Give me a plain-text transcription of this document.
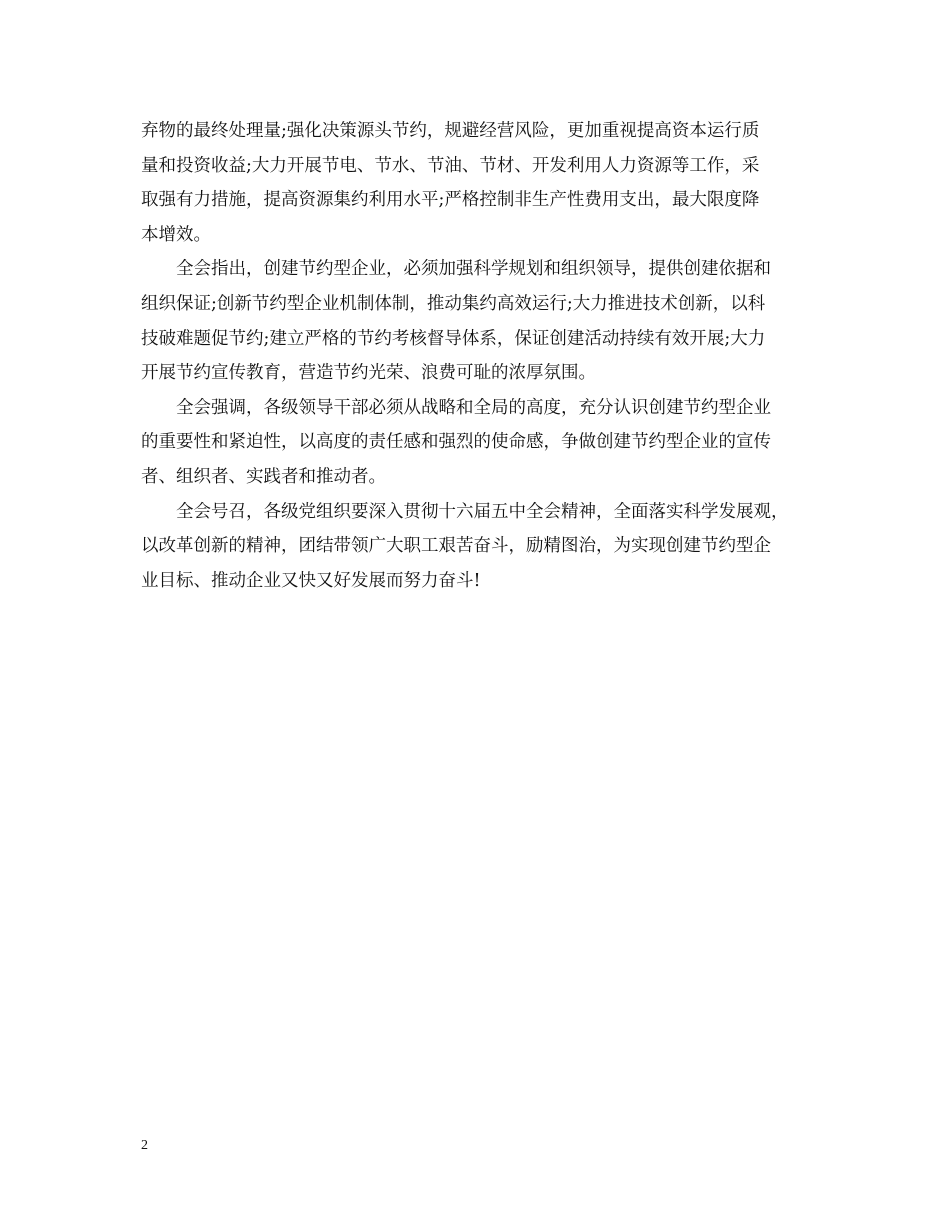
弃物的最终处理量;强化决策源头节约，规避经营风险，更加重视提高资本运行质
量和投资收益;大力开展节电、节水、节油、节材、开发利用人力资源等工作，采
取强有力措施，提高资源集约利用水平;严格控制非生产性费用支出，最大限度降
本增效。
全会指出，创建节约型企业，必须加强科学规划和组织领导，提供创建依据和
组织保证;创新节约型企业机制体制，推动集约高效运行;大力推进技术创新，以科
技破难题促节约;建立严格的节约考核督导体系，保证创建活动持续有效开展;大力
开展节约宣传教育，营造节约光荣、浪费可耻的浓厚氛围。
全会强调，各级领导干部必须从战略和全局的高度，充分认识创建节约型企业
的重要性和紧迫性，以高度的责任感和强烈的使命感，争做创建节约型企业的宣传
者、组织者、实践者和推动者。
全会号召，各级党组织要深入贯彻十六届五中全会精神，全面落实科学发展观，
以改革创新的精神，团结带领广大职工艰苦奋斗，励精图治，为实现创建节约型企
业目标、推动企业又快又好发展而努力奋斗!
2
